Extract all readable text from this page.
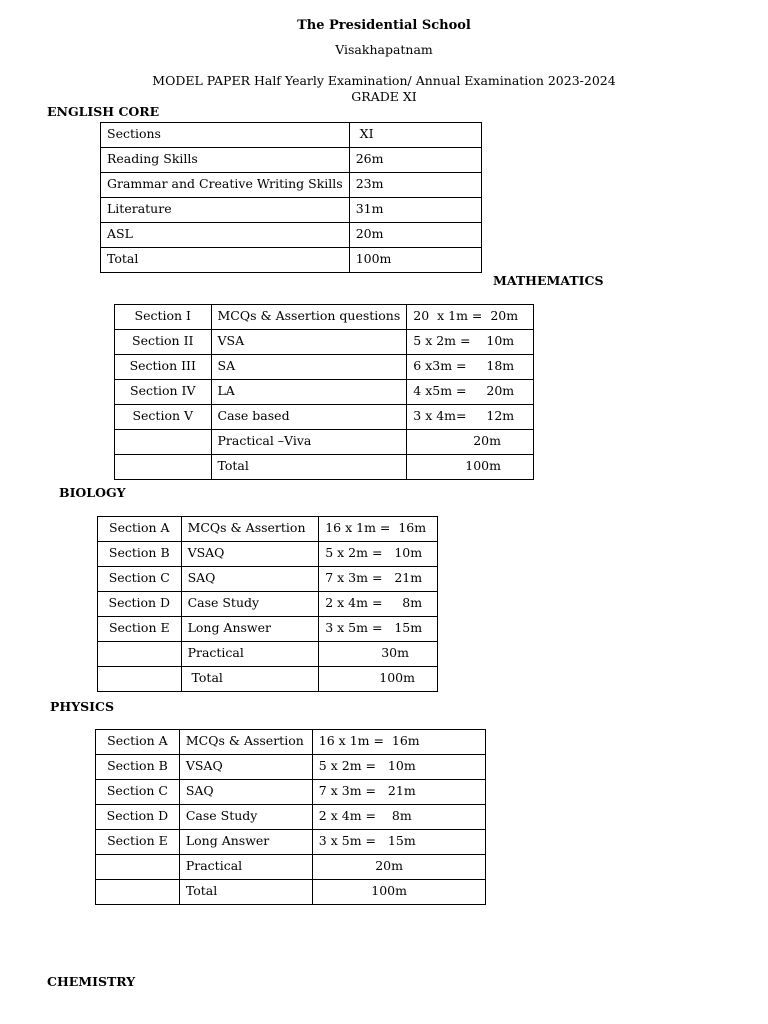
The Presidential School
Visakhapatnam
MODEL PAPER Half Yearly Examination/ Annual Examination 2023-2024
GRADE XI
ENGLISH CORE
Sections	XI
Reading Skills	26m
Grammar and Creative Writing Skills	23m
Literature	31m
ASL	20m
Total	100m
MATHEMATICS
Section I	MCQs & Assertion questions	20  x 1m =  20m
Section II	VSA	5 x 2m =    10m
Section III	SA	6 x3m =     18m
Section IV	LA	4 x5m =     20m
Section V	Case based	3 x 4m=     12m
	Practical –Viva	20m
	Total	100m
BIOLOGY
Section A	MCQs & Assertion	16 x 1m =  16m
Section B	VSAQ	5 x 2m =   10m
Section C	SAQ	7 x 3m =   21m
Section D	Case Study	2 x 4m =     8m
Section E	Long Answer	3 x 5m =   15m
	Practical	30m
	Total	100m
PHYSICS
Section A	MCQs & Assertion	16 x 1m =  16m
Section B	VSAQ	5 x 2m =   10m
Section C	SAQ	7 x 3m =   21m
Section D	Case Study	2 x 4m =    8m
Section E	Long Answer	3 x 5m =   15m
	Practical	20m
	Total	100m
CHEMISTRY
